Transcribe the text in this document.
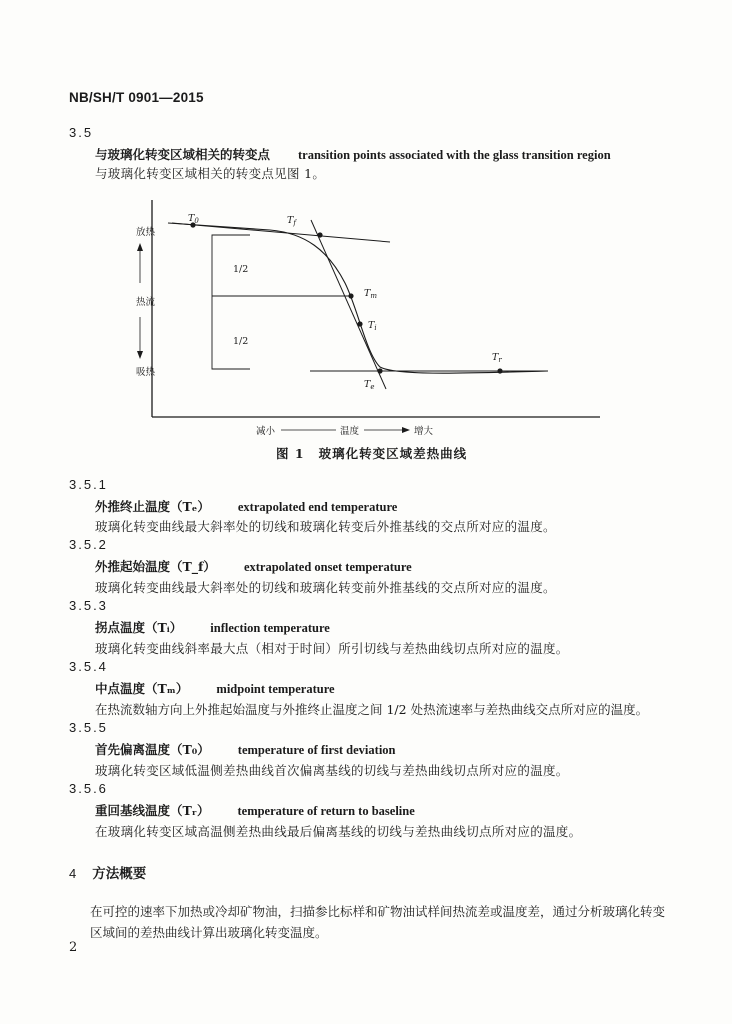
NB/SH/T 0901—2015
3.5
与玻璃化转变区域相关的转变点 transition points associated with the glass transition region
与玻璃化转变区域相关的转变点见图 1。
放热
热流
吸热
1/2
1/2
$T_0$	$T_f$
$T_m$
$T_i$
$T_r$
$T_e$
减小	温度	增大
图 1 玻璃化转变区域差热曲线
3.5.1
外推终止温度（Tₑ） extrapolated end temperature
玻璃化转变曲线最大斜率处的切线和玻璃化转变后外推基线的交点所对应的温度。
3.5.2
外推起始温度（T_f） extrapolated onset temperature
玻璃化转变曲线最大斜率处的切线和玻璃化转变前外推基线的交点所对应的温度。
3.5.3
拐点温度（Tᵢ） inflection temperature
玻璃化转变曲线斜率最大点（相对于时间）所引切线与差热曲线切点所对应的温度。
3.5.4
中点温度（Tₘ） midpoint temperature
在热流数轴方向上外推起始温度与外推终止温度之间 1/2 处热流速率与差热曲线交点所对应的温度。
3.5.5
首先偏离温度（T₀） temperature of first deviation
玻璃化转变区域低温侧差热曲线首次偏离基线的切线与差热曲线切点所对应的温度。
3.5.6
重回基线温度（Tᵣ） temperature of return to baseline
在玻璃化转变区域高温侧差热曲线最后偏离基线的切线与差热曲线切点所对应的温度。
4 方法概要
在可控的速率下加热或冷却矿物油，扫描参比标样和矿物油试样间热流差或温度差，通过分析玻璃化转变区域间的差热曲线计算出玻璃化转变温度。
2
